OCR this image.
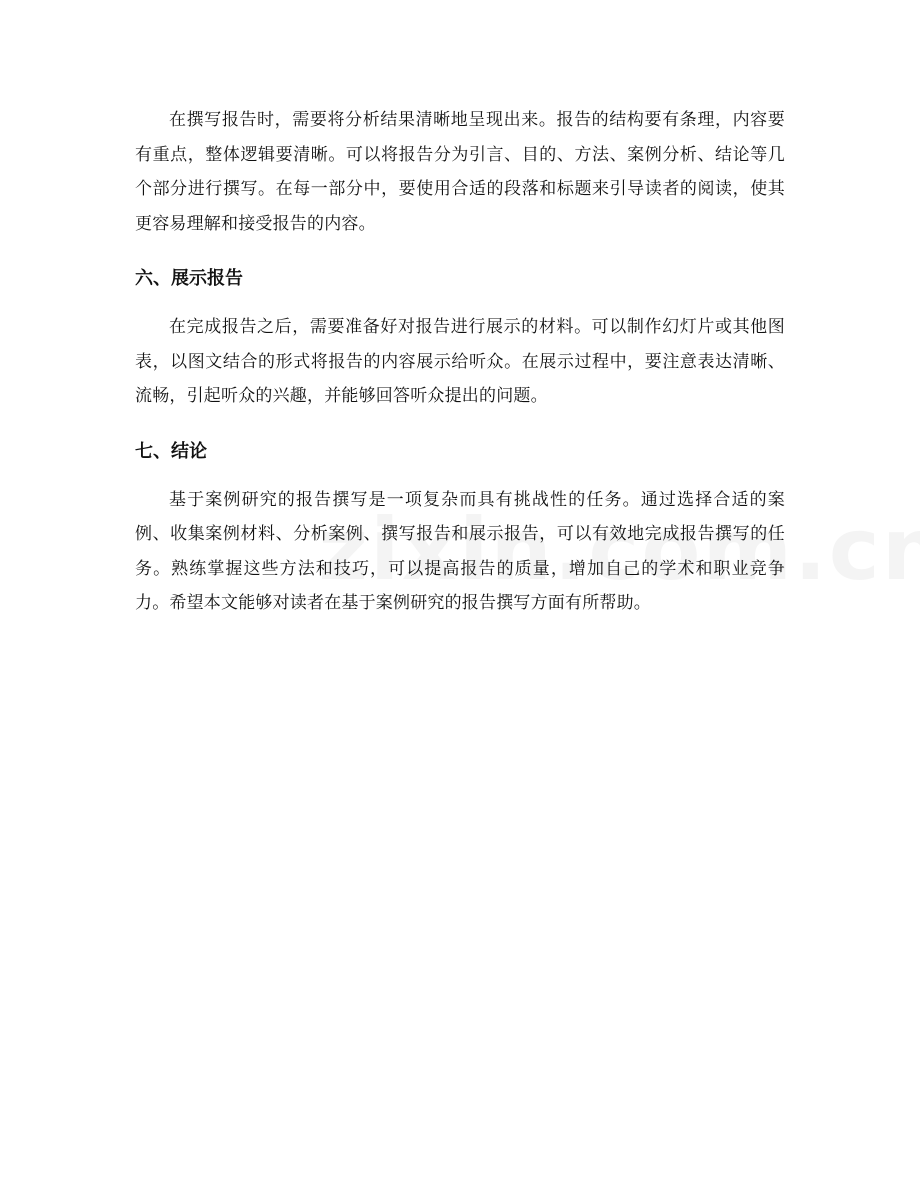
在撰写报告时，需要将分析结果清晰地呈现出来。报告的结构要有条理，内容要有重点，整体逻辑要清晰。可以将报告分为引言、目的、方法、案例分析、结论等几个部分进行撰写。在每一部分中，要使用合适的段落和标题来引导读者的阅读，使其更容易理解和接受报告的内容。

六、展示报告

在完成报告之后，需要准备好对报告进行展示的材料。可以制作幻灯片或其他图表，以图文结合的形式将报告的内容展示给听众。在展示过程中，要注意表达清晰、流畅，引起听众的兴趣，并能够回答听众提出的问题。

七、结论

基于案例研究的报告撰写是一项复杂而具有挑战性的任务。通过选择合适的案例、收集案例材料、分析案例、撰写报告和展示报告，可以有效地完成报告撰写的任务。熟练掌握这些方法和技巧，可以提高报告的质量，增加自己的学术和职业竞争力。希望本文能够对读者在基于案例研究的报告撰写方面有所帮助。
